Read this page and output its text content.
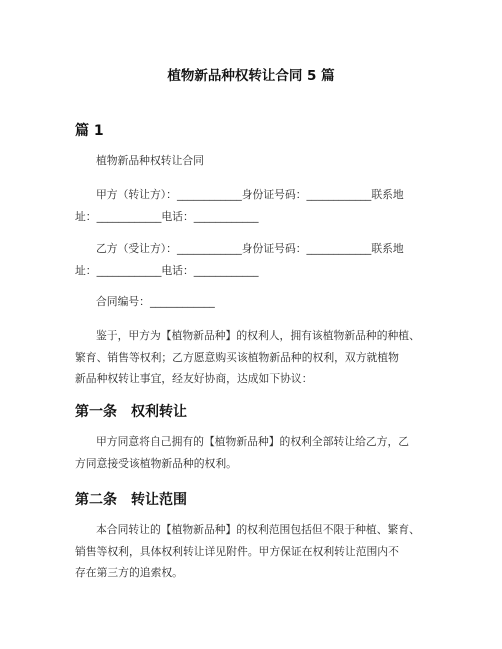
植物新品种权转让合同 5 篇
篇 1

植物新品种权转让合同

甲方（转让方）：____________身份证号码：____________联系地
址：____________电话：____________

乙方（受让方）：____________身份证号码：____________联系地
址：____________电话：____________

合同编号：____________

鉴于，甲方为【植物新品种】的权利人，拥有该植物新品种的种植、
繁育、销售等权利；乙方愿意购买该植物新品种的权利，双方就植物
新品种权转让事宜，经友好协商，达成如下协议：

第一条　权利转让

甲方同意将自己拥有的【植物新品种】的权利全部转让给乙方，乙
方同意接受该植物新品种的权利。

第二条　转让范围

本合同转让的【植物新品种】的权利范围包括但不限于种植、繁育、
销售等权利，具体权利转让详见附件。甲方保证在权利转让范围内不
存在第三方的追索权。
